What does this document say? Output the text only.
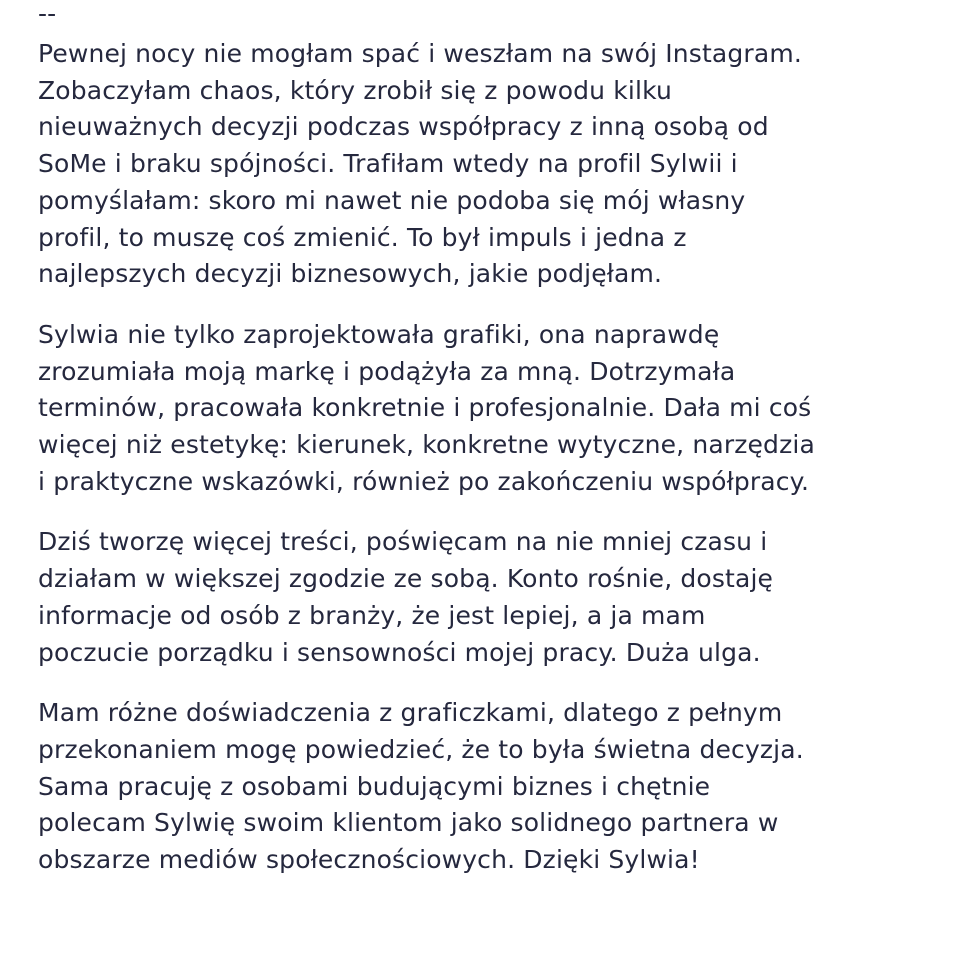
--

Pewnej nocy nie mogłam spać i weszłam na swój Instagram.
Zobaczyłam chaos, który zrobił się z powodu kilku
nieuważnych decyzji podczas współpracy z inną osobą od
SoMe i braku spójności. Trafiłam wtedy na profil Sylwii i
pomyślałam: skoro mi nawet nie podoba się mój własny
profil, to muszę coś zmienić. To był impuls i jedna z
najlepszych decyzji biznesowych, jakie podjęłam.

Sylwia nie tylko zaprojektowała grafiki, ona naprawdę
zrozumiała moją markę i podążyła za mną. Dotrzymała
terminów, pracowała konkretnie i profesjonalnie. Dała mi coś
więcej niż estetykę: kierunek, konkretne wytyczne, narzędzia
i praktyczne wskazówki, również po zakończeniu współpracy.

Dziś tworzę więcej treści, poświęcam na nie mniej czasu i
działam w większej zgodzie ze sobą. Konto rośnie, dostaję
informacje od osób z branży, że jest lepiej, a ja mam
poczucie porządku i sensowności mojej pracy. Duża ulga.

Mam różne doświadczenia z graficzkami, dlatego z pełnym
przekonaniem mogę powiedzieć, że to była świetna decyzja.
Sama pracuję z osobami budującymi biznes i chętnie
polecam Sylwię swoim klientom jako solidnego partnera w
obszarze mediów społecznościowych. Dzięki Sylwia!
